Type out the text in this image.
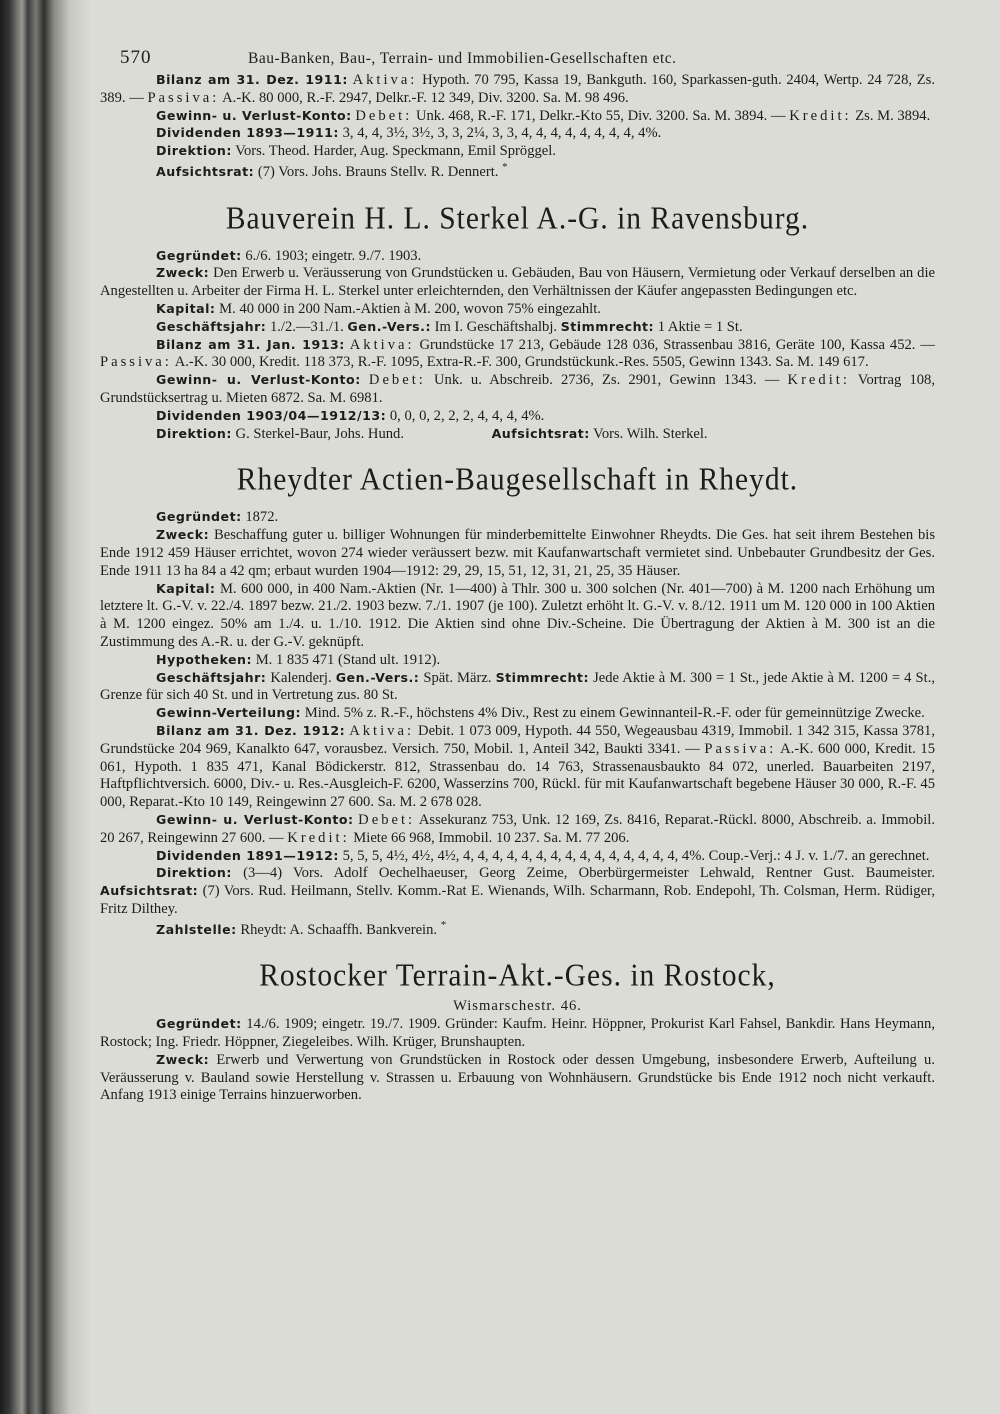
570	Bau-Banken, Bau-, Terrain- und Immobilien-Gesellschaften etc.

Bilanz am 31. Dez. 1911: Aktiva: Hypoth. 70 795, Kassa 19, Bankguth. 160, Sparkassen-guth. 2404, Wertp. 24 728, Zs. 389. — Passiva: A.-K. 80 000, R.-F. 2947, Delkr.-F. 12 349, Div. 3200. Sa. M. 98 496.

Gewinn- u. Verlust-Konto: Debet: Unk. 468, R.-F. 171, Delkr.-Kto 55, Div. 3200. Sa. M. 3894. — Kredit: Zs. M. 3894.

Dividenden 1893—1911: 3, 4, 4, 3½, 3½, 3, 3, 2¼, 3, 3, 4, 4, 4, 4, 4, 4, 4, 4, 4%.

Direktion: Vors. Theod. Harder, Aug. Speckmann, Emil Spröggel.

Aufsichtsrat: (7) Vors. Johs. Brauns Stellv. R. Dennert. *

Bauverein H. L. Sterkel A.-G. in Ravensburg.

Gegründet: 6./6. 1903; eingetr. 9./7. 1903.

Zweck: Den Erwerb u. Veräusserung von Grundstücken u. Gebäuden, Bau von Häusern, Vermietung oder Verkauf derselben an die Angestellten u. Arbeiter der Firma H. L. Sterkel unter erleichternden, den Verhältnissen der Käufer angepassten Bedingungen etc.

Kapital: M. 40 000 in 200 Nam.-Aktien à M. 200, wovon 75% eingezahlt.

Geschäftsjahr: 1./2.—31./1. Gen.-Vers.: Im I. Geschäftshalbj. Stimmrecht: 1 Aktie = 1 St.

Bilanz am 31. Jan. 1913: Aktiva: Grundstücke 17 213, Gebäude 128 036, Strassenbau 3816, Geräte 100, Kassa 452. — Passiva: A.-K. 30 000, Kredit. 118 373, R.-F. 1095, Extra-R.-F. 300, Grundstückunk.-Res. 5505, Gewinn 1343. Sa. M. 149 617.

Gewinn- u. Verlust-Konto: Debet: Unk. u. Abschreib. 2736, Zs. 2901, Gewinn 1343. — Kredit: Vortrag 108, Grundstücksertrag u. Mieten 6872. Sa. M. 6981.

Dividenden 1903/04—1912/13: 0, 0, 0, 2, 2, 2, 4, 4, 4, 4%.

Direktion: G. Sterkel-Baur, Johs. Hund.	Aufsichtsrat: Vors. Wilh. Sterkel.

Rheydter Actien-Baugesellschaft in Rheydt.

Gegründet: 1872.

Zweck: Beschaffung guter u. billiger Wohnungen für minderbemittelte Einwohner Rheydts. Die Ges. hat seit ihrem Bestehen bis Ende 1912 459 Häuser errichtet, wovon 274 wieder veräussert bezw. mit Kaufanwartschaft vermietet sind. Unbebauter Grundbesitz der Ges. Ende 1911 13 ha 84 a 42 qm; erbaut wurden 1904—1912: 29, 29, 15, 51, 12, 31, 21, 25, 35 Häuser.

Kapital: M. 600 000, in 400 Nam.-Aktien (Nr. 1—400) à Thlr. 300 u. 300 solchen (Nr. 401—700) à M. 1200 nach Erhöhung um letztere lt. G.-V. v. 22./4. 1897 bezw. 21./2. 1903 bezw. 7./1. 1907 (je 100). Zuletzt erhöht lt. G.-V. v. 8./12. 1911 um M. 120 000 in 100 Aktien à M. 1200 eingez. 50% am 1./4. u. 1./10. 1912. Die Aktien sind ohne Div.-Scheine. Die Übertragung der Aktien à M. 300 ist an die Zustimmung des A.-R. u. der G.-V. geknüpft.

Hypotheken: M. 1 835 471 (Stand ult. 1912).

Geschäftsjahr: Kalenderj. Gen.-Vers.: Spät. März. Stimmrecht: Jede Aktie à M. 300 = 1 St., jede Aktie à M. 1200 = 4 St., Grenze für sich 40 St. und in Vertretung zus. 80 St.

Gewinn-Verteilung: Mind. 5% z. R.-F., höchstens 4% Div., Rest zu einem Gewinnanteil-R.-F. oder für gemeinnützige Zwecke.

Bilanz am 31. Dez. 1912: Aktiva: Debit. 1 073 009, Hypoth. 44 550, Wegeausbau 4319, Immobil. 1 342 315, Kassa 3781, Grundstücke 204 969, Kanalkto 647, vorausbez. Versich. 750, Mobil. 1, Anteil 342, Baukti 3341. — Passiva: A.-K. 600 000, Kredit. 15 061, Hypoth. 1 835 471, Kanal Bödickerstr. 812, Strassenbau do. 14 763, Strassenausbaukto 84 072, unerled. Bauarbeiten 2197, Haftpflichtversich. 6000, Div.- u. Res.-Ausgleich-F. 6200, Wasserzins 700, Rückl. für mit Kaufanwartschaft begebene Häuser 30 000, R.-F. 45 000, Reparat.-Kto 10 149, Reingewinn 27 600. Sa. M. 2 678 028.

Gewinn- u. Verlust-Konto: Debet: Assekuranz 753, Unk. 12 169, Zs. 8416, Reparat.-Rückl. 8000, Abschreib. a. Immobil. 20 267, Reingewinn 27 600. — Kredit: Miete 66 968, Immobil. 10 237. Sa. M. 77 206.

Dividenden 1891—1912: 5, 5, 5, 4½, 4½, 4½, 4, 4, 4, 4, 4, 4, 4, 4, 4, 4, 4, 4, 4, 4, 4, 4%. Coup.-Verj.: 4 J. v. 1./7. an gerechnet.

Direktion: (3—4) Vors. Adolf Oechelhaeuser, Georg Zeime, Oberbürgermeister Lehwald, Rentner Gust. Baumeister. Aufsichtsrat: (7) Vors. Rud. Heilmann, Stellv. Komm.-Rat E. Wienands, Wilh. Scharmann, Rob. Endepohl, Th. Colsman, Herm. Rüdiger, Fritz Dilthey.

Zahlstelle: Rheydt: A. Schaaffh. Bankverein. *

Rostocker Terrain-Akt.-Ges. in Rostock,
Wismarschestr. 46.

Gegründet: 14./6. 1909; eingetr. 19./7. 1909. Gründer: Kaufm. Heinr. Höppner, Prokurist Karl Fahsel, Bankdir. Hans Heymann, Rostock; Ing. Friedr. Höppner, Ziegeleibes. Wilh. Krüger, Brunshaupten.

Zweck: Erwerb und Verwertung von Grundstücken in Rostock oder dessen Umgebung, insbesondere Erwerb, Aufteilung u. Veräusserung v. Bauland sowie Herstellung v. Strassen u. Erbauung von Wohnhäusern. Grundstücke bis Ende 1912 noch nicht verkauft. Anfang 1913 einige Terrains hinzuerworben.
